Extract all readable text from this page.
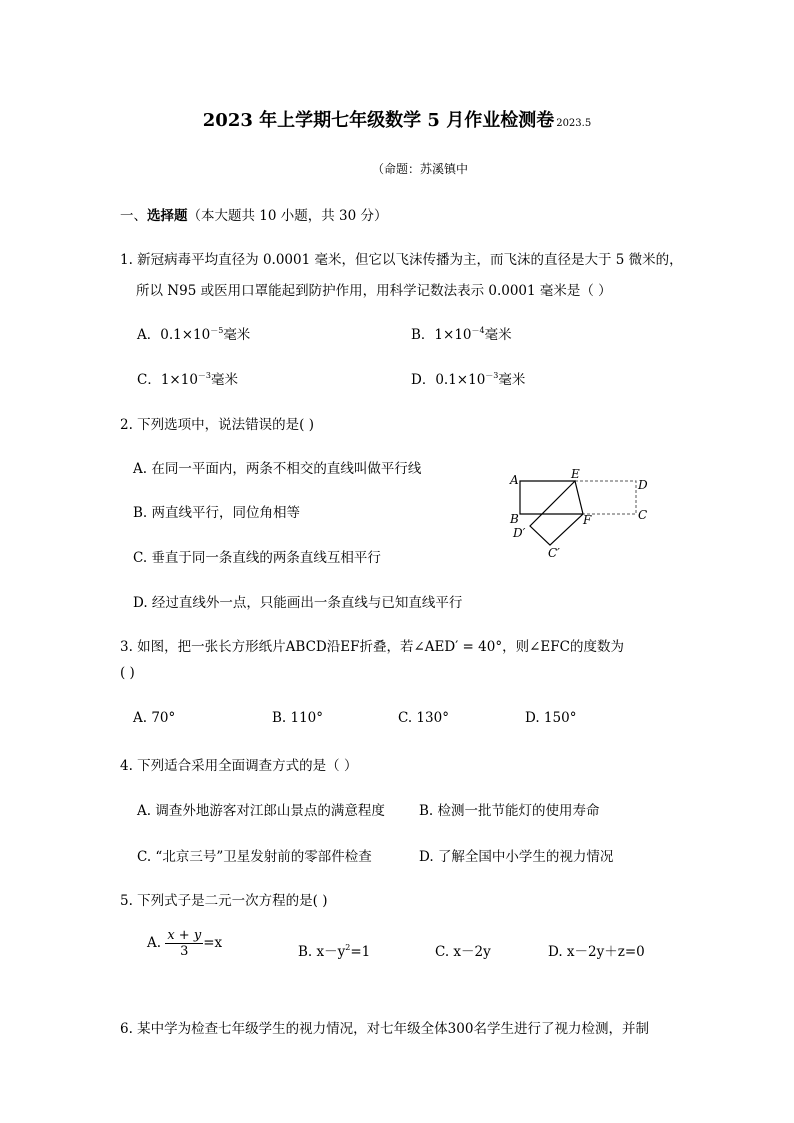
2023 年上学期七年级数学 5 月作业检测卷 2023.5
（命题：苏溪镇中
一、选择题（本大题共 10 小题，共 30 分）
1. 新冠病毒平均直径为 0.0001 毫米，但它以飞沫传播为主，而飞沫的直径是大于 5 微米的，
所以 N95 或医用口罩能起到防护作用，用科学记数法表示 0.0001 毫米是（ ）
A．$0.1\times 10^{-5}$毫米	B．$1\times 10^{-4}$毫米
C．$1\times 10^{-3}$毫米	D．$0.1\times 10^{-3}$毫米
2. 下列选项中，说法错误的是( )
A. 在同一平面内，两条不相交的直线叫做平行线
B. 两直线平行，同位角相等
C. 垂直于同一条直线的两条直线互相平行
D. 经过直线外一点，只能画出一条直线与已知直线平行
A	E
D
B	F	C
D′
C′
3. 如图，把一张长方形纸片ABCD沿EF折叠，若∠AED′ = 40°，则∠EFC的度数为
( )
A. 70°	B. 110°	C. 130°	D. 150°
4. 下列适合采用全面调查方式的是（ ）
A. 调查外地游客对江郎山景点的满意程度	B. 检测一批节能灯的使用寿命
C. “北京三号”卫星发射前的零部件检查	D. 了解全国中小学生的视力情况
5. 下列式子是二元一次方程的是( )
A. $\frac{x + y}{3} =x$
B. $x-y^2=1$	C. x－2y	D. x－2y＋z=0
6. 某中学为检查七年级学生的视力情况，对七年级全体300名学生进行了视力检测，并制
